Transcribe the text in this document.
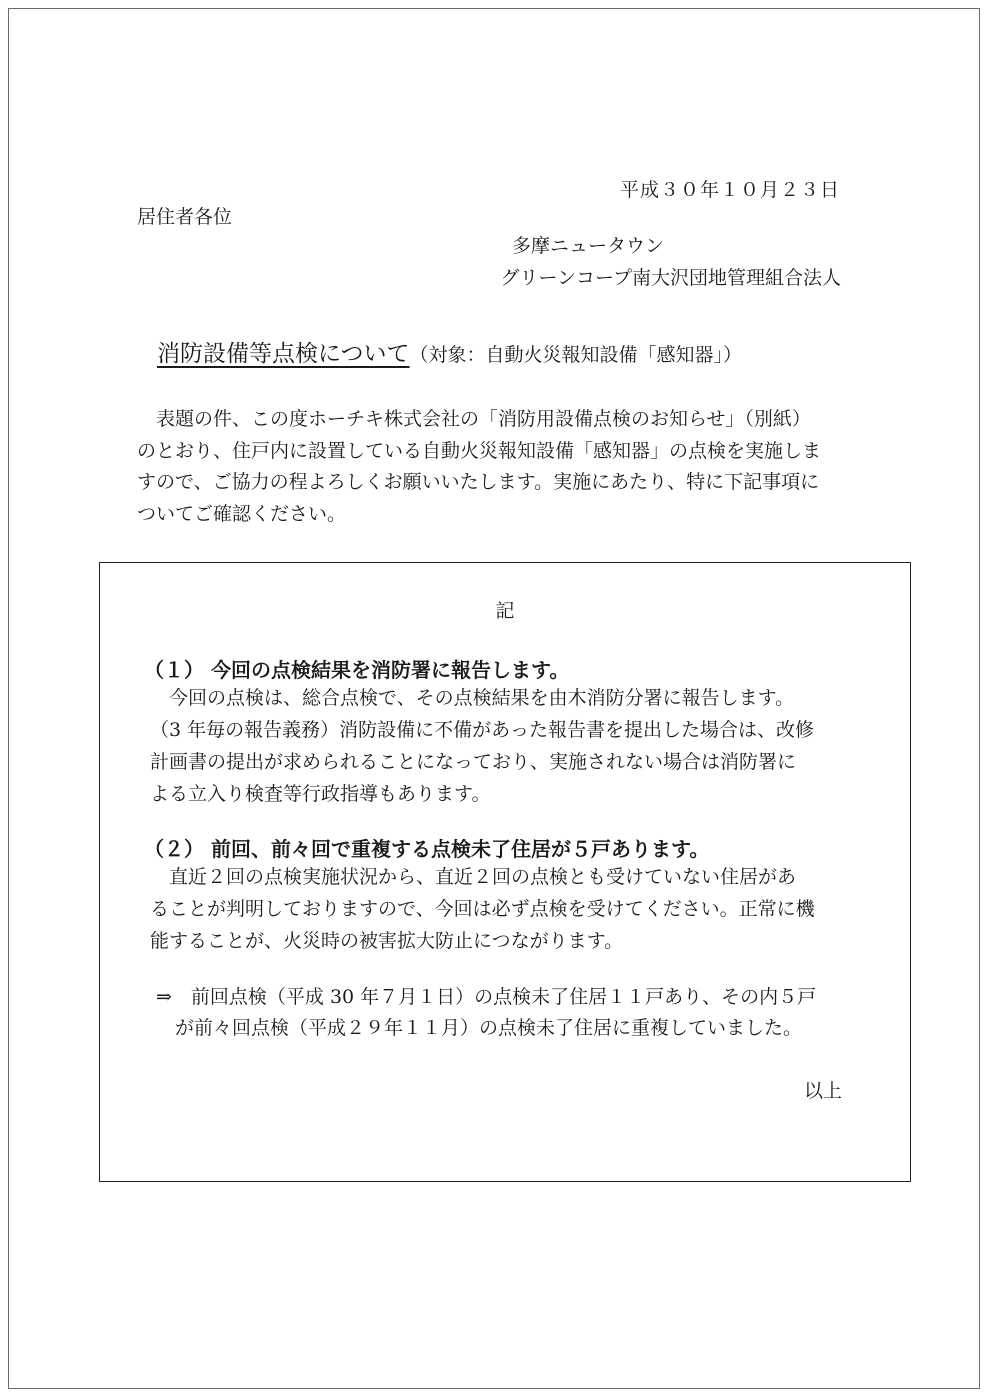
平成３０年１０月２３日
居住者各位
多摩ニュータウン
グリーンコープ南大沢団地管理組合法人
消防設備等点検について（対象：自動火災報知設備「感知器」）

　表題の件、この度ホーチキ株式会社の「消防用設備点検のお知らせ」（別紙）

のとおり、住戸内に設置している自動火災報知設備「感知器」の点検を実施しま

すので、ご協力の程よろしくお願いいたします。実施にあたり、特に下記事項に

ついてご確認ください。

記
（１） 今回の点検結果を消防署に報告します。

　今回の点検は、総合点検で、その点検結果を由木消防分署に報告します。

（3 年毎の報告義務）消防設備に不備があった報告書を提出した場合は、改修

計画書の提出が求められることになっており、実施されない場合は消防署に

よる立入り検査等行政指導もあります。

（２） 前回、前々回で重複する点検未了住居が５戸あります。

　直近２回の点検実施状況から、直近２回の点検とも受けていない住居があ

ることが判明しておりますので、今回は必ず点検を受けてください。正常に機

能することが、火災時の被害拡大防止につながります。

⇒　前回点検（平成 30 年７月１日）の点検未了住居１１戸あり、その内５戸

　が前々回点検（平成２９年１１月）の点検未了住居に重複していました。

以上
